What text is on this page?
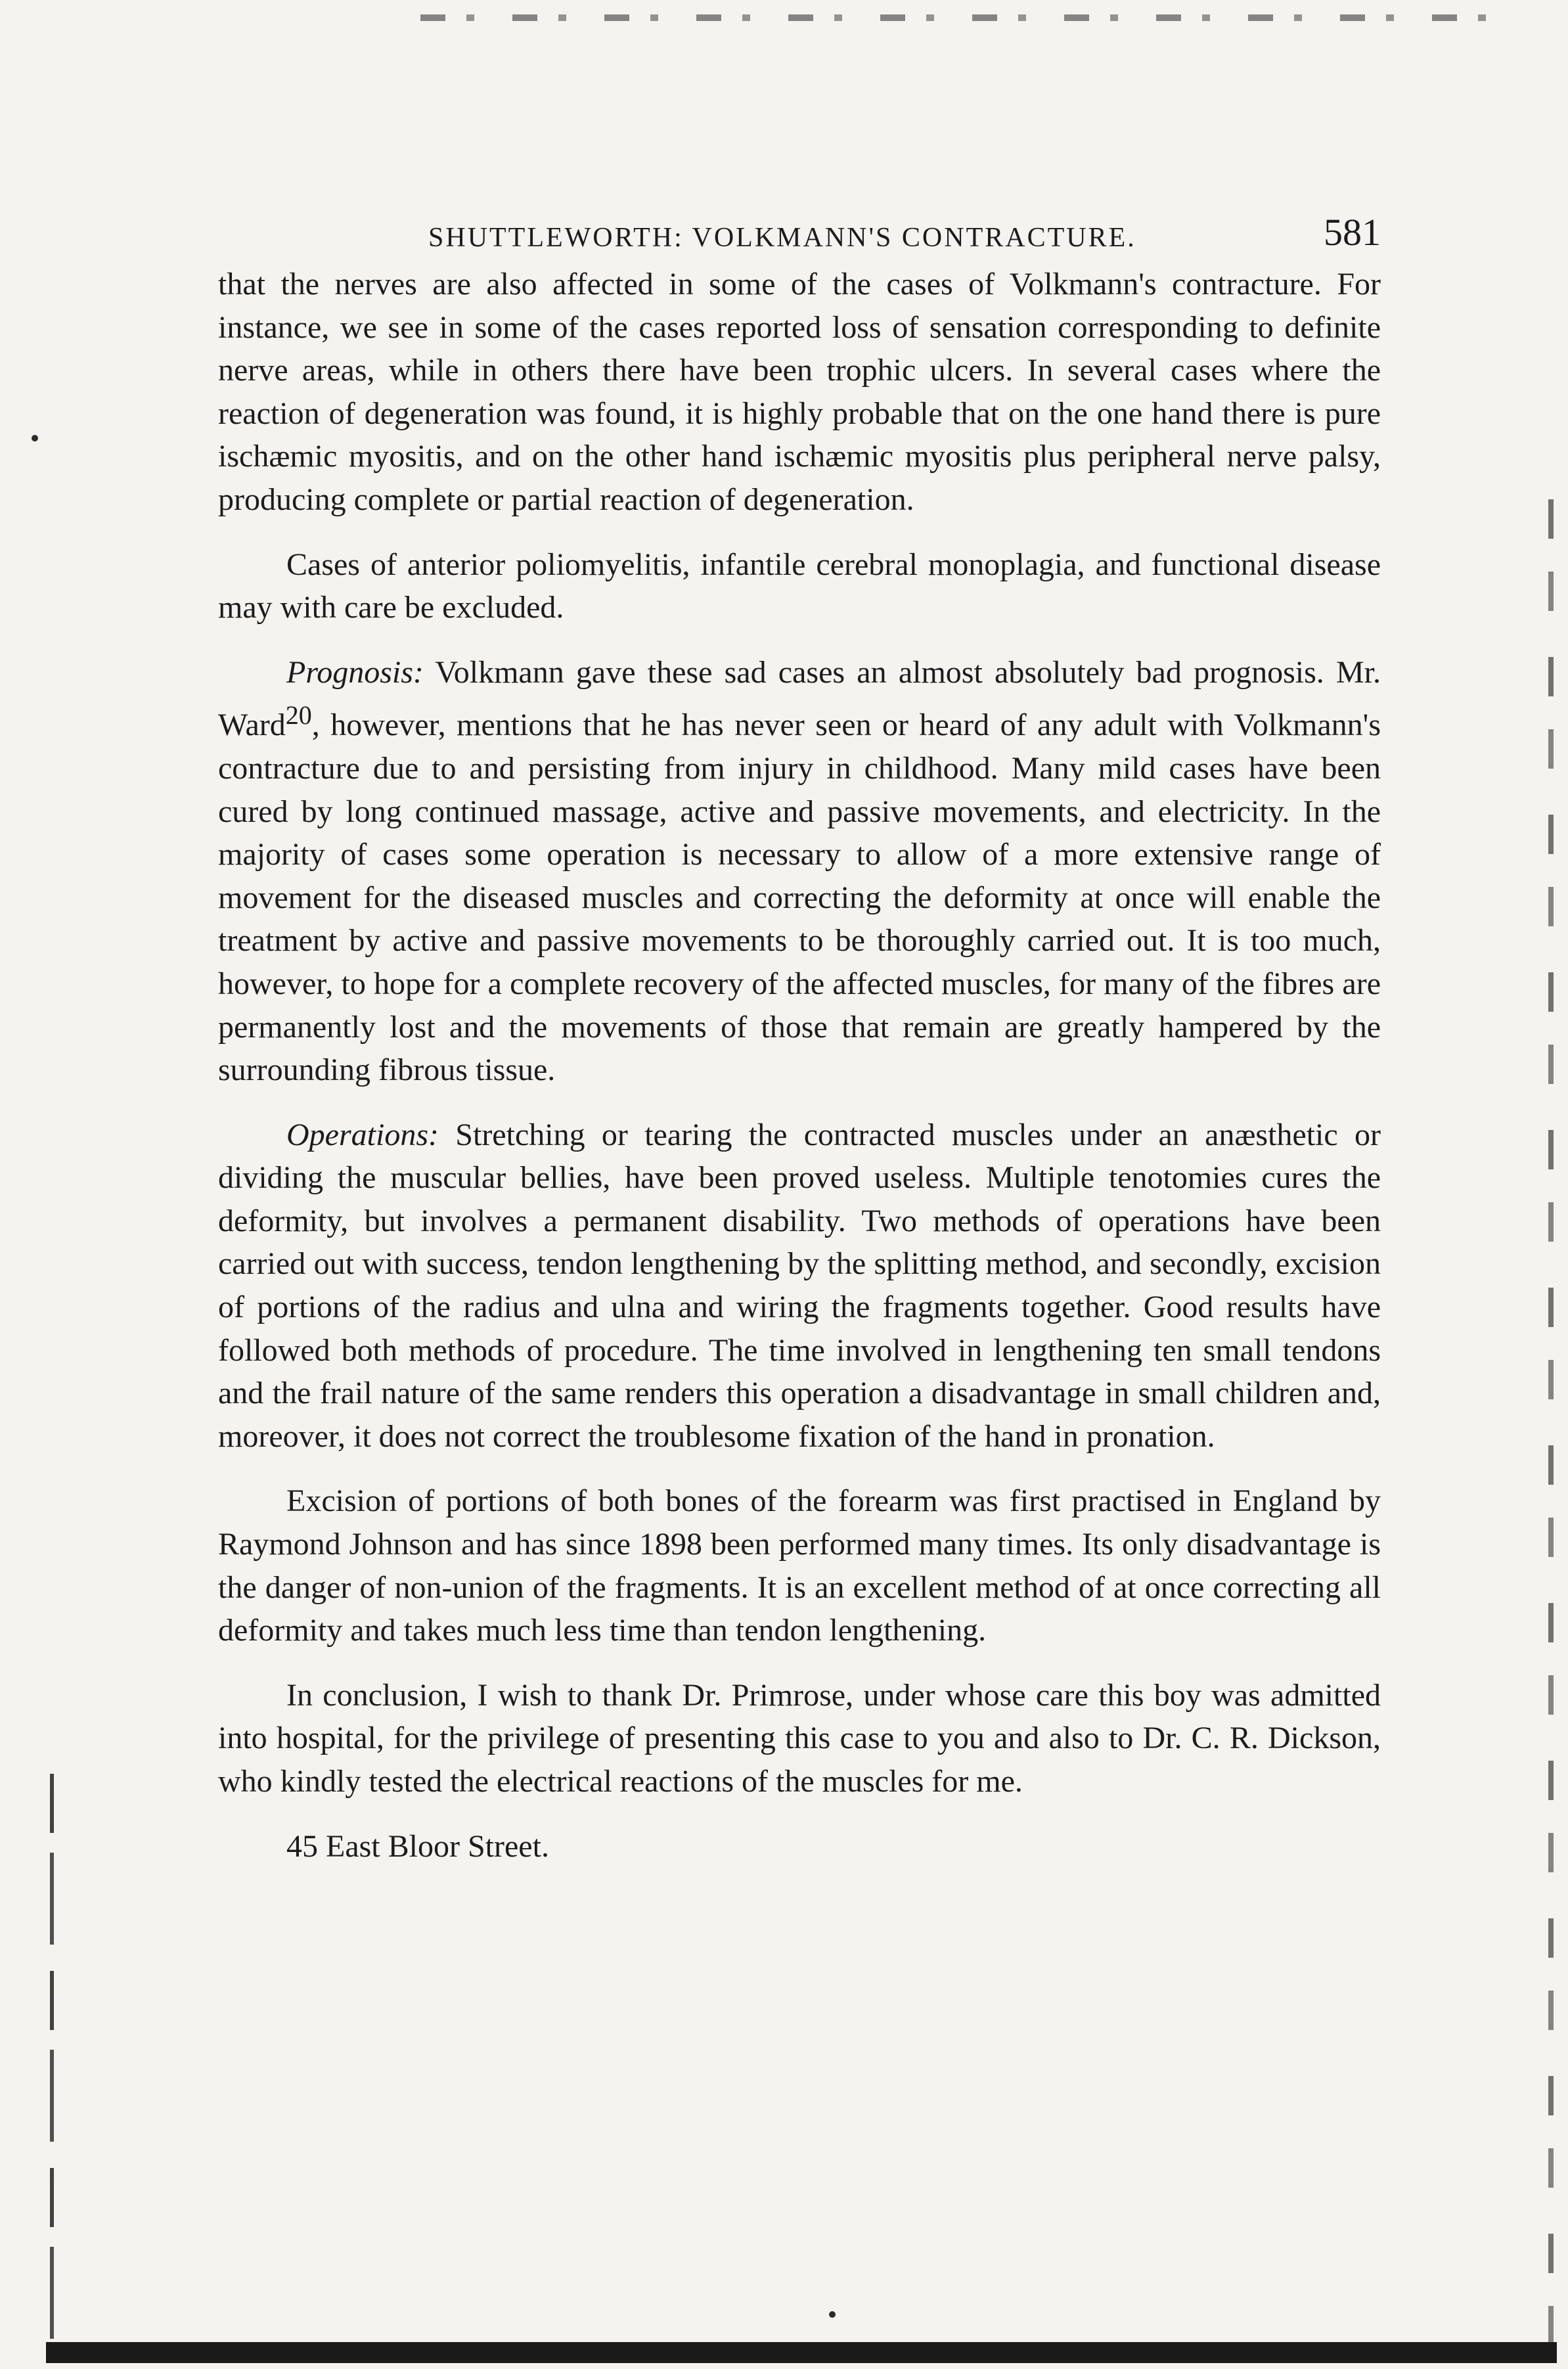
SHUTTLEWORTH: VOLKMANN'S CONTRACTURE.	581

that the nerves are also affected in some of the cases of Volkmann's contracture. For instance, we see in some of the cases reported loss of sensation corresponding to definite nerve areas, while in others there have been trophic ulcers. In several cases where the reaction of degeneration was found, it is highly probable that on the one hand there is pure ischæmic myositis, and on the other hand ischæmic myositis plus peripheral nerve palsy, producing complete or partial reaction of degeneration.

Cases of anterior poliomyelitis, infantile cerebral monoplagia, and functional disease may with care be excluded.

Prognosis: Volkmann gave these sad cases an almost absolutely bad prognosis. Mr. Ward$^{20}$, however, mentions that he has never seen or heard of any adult with Volkmann's contracture due to and persisting from injury in childhood. Many mild cases have been cured by long continued massage, active and passive movements, and electricity. In the majority of cases some operation is necessary to allow of a more extensive range of movement for the diseased muscles and correcting the deformity at once will enable the treatment by active and passive movements to be thoroughly carried out. It is too much, however, to hope for a complete recovery of the affected muscles, for many of the fibres are permanently lost and the movements of those that remain are greatly hampered by the surrounding fibrous tissue.

Operations: Stretching or tearing the contracted muscles under an anæsthetic or dividing the muscular bellies, have been proved useless. Multiple tenotomies cures the deformity, but involves a permanent disability. Two methods of operations have been carried out with success, tendon lengthening by the splitting method, and secondly, excision of portions of the radius and ulna and wiring the fragments together. Good results have followed both methods of procedure. The time involved in lengthening ten small tendons and the frail nature of the same renders this operation a disadvantage in small children and, moreover, it does not correct the troublesome fixation of the hand in pronation.

Excision of portions of both bones of the forearm was first practised in England by Raymond Johnson and has since 1898 been performed many times. Its only disadvantage is the danger of non-union of the fragments. It is an excellent method of at once correcting all deformity and takes much less time than tendon lengthening.

In conclusion, I wish to thank Dr. Primrose, under whose care this boy was admitted into hospital, for the privilege of presenting this case to you and also to Dr. C. R. Dickson, who kindly tested the electrical reactions of the muscles for me.

45 East Bloor Street.
